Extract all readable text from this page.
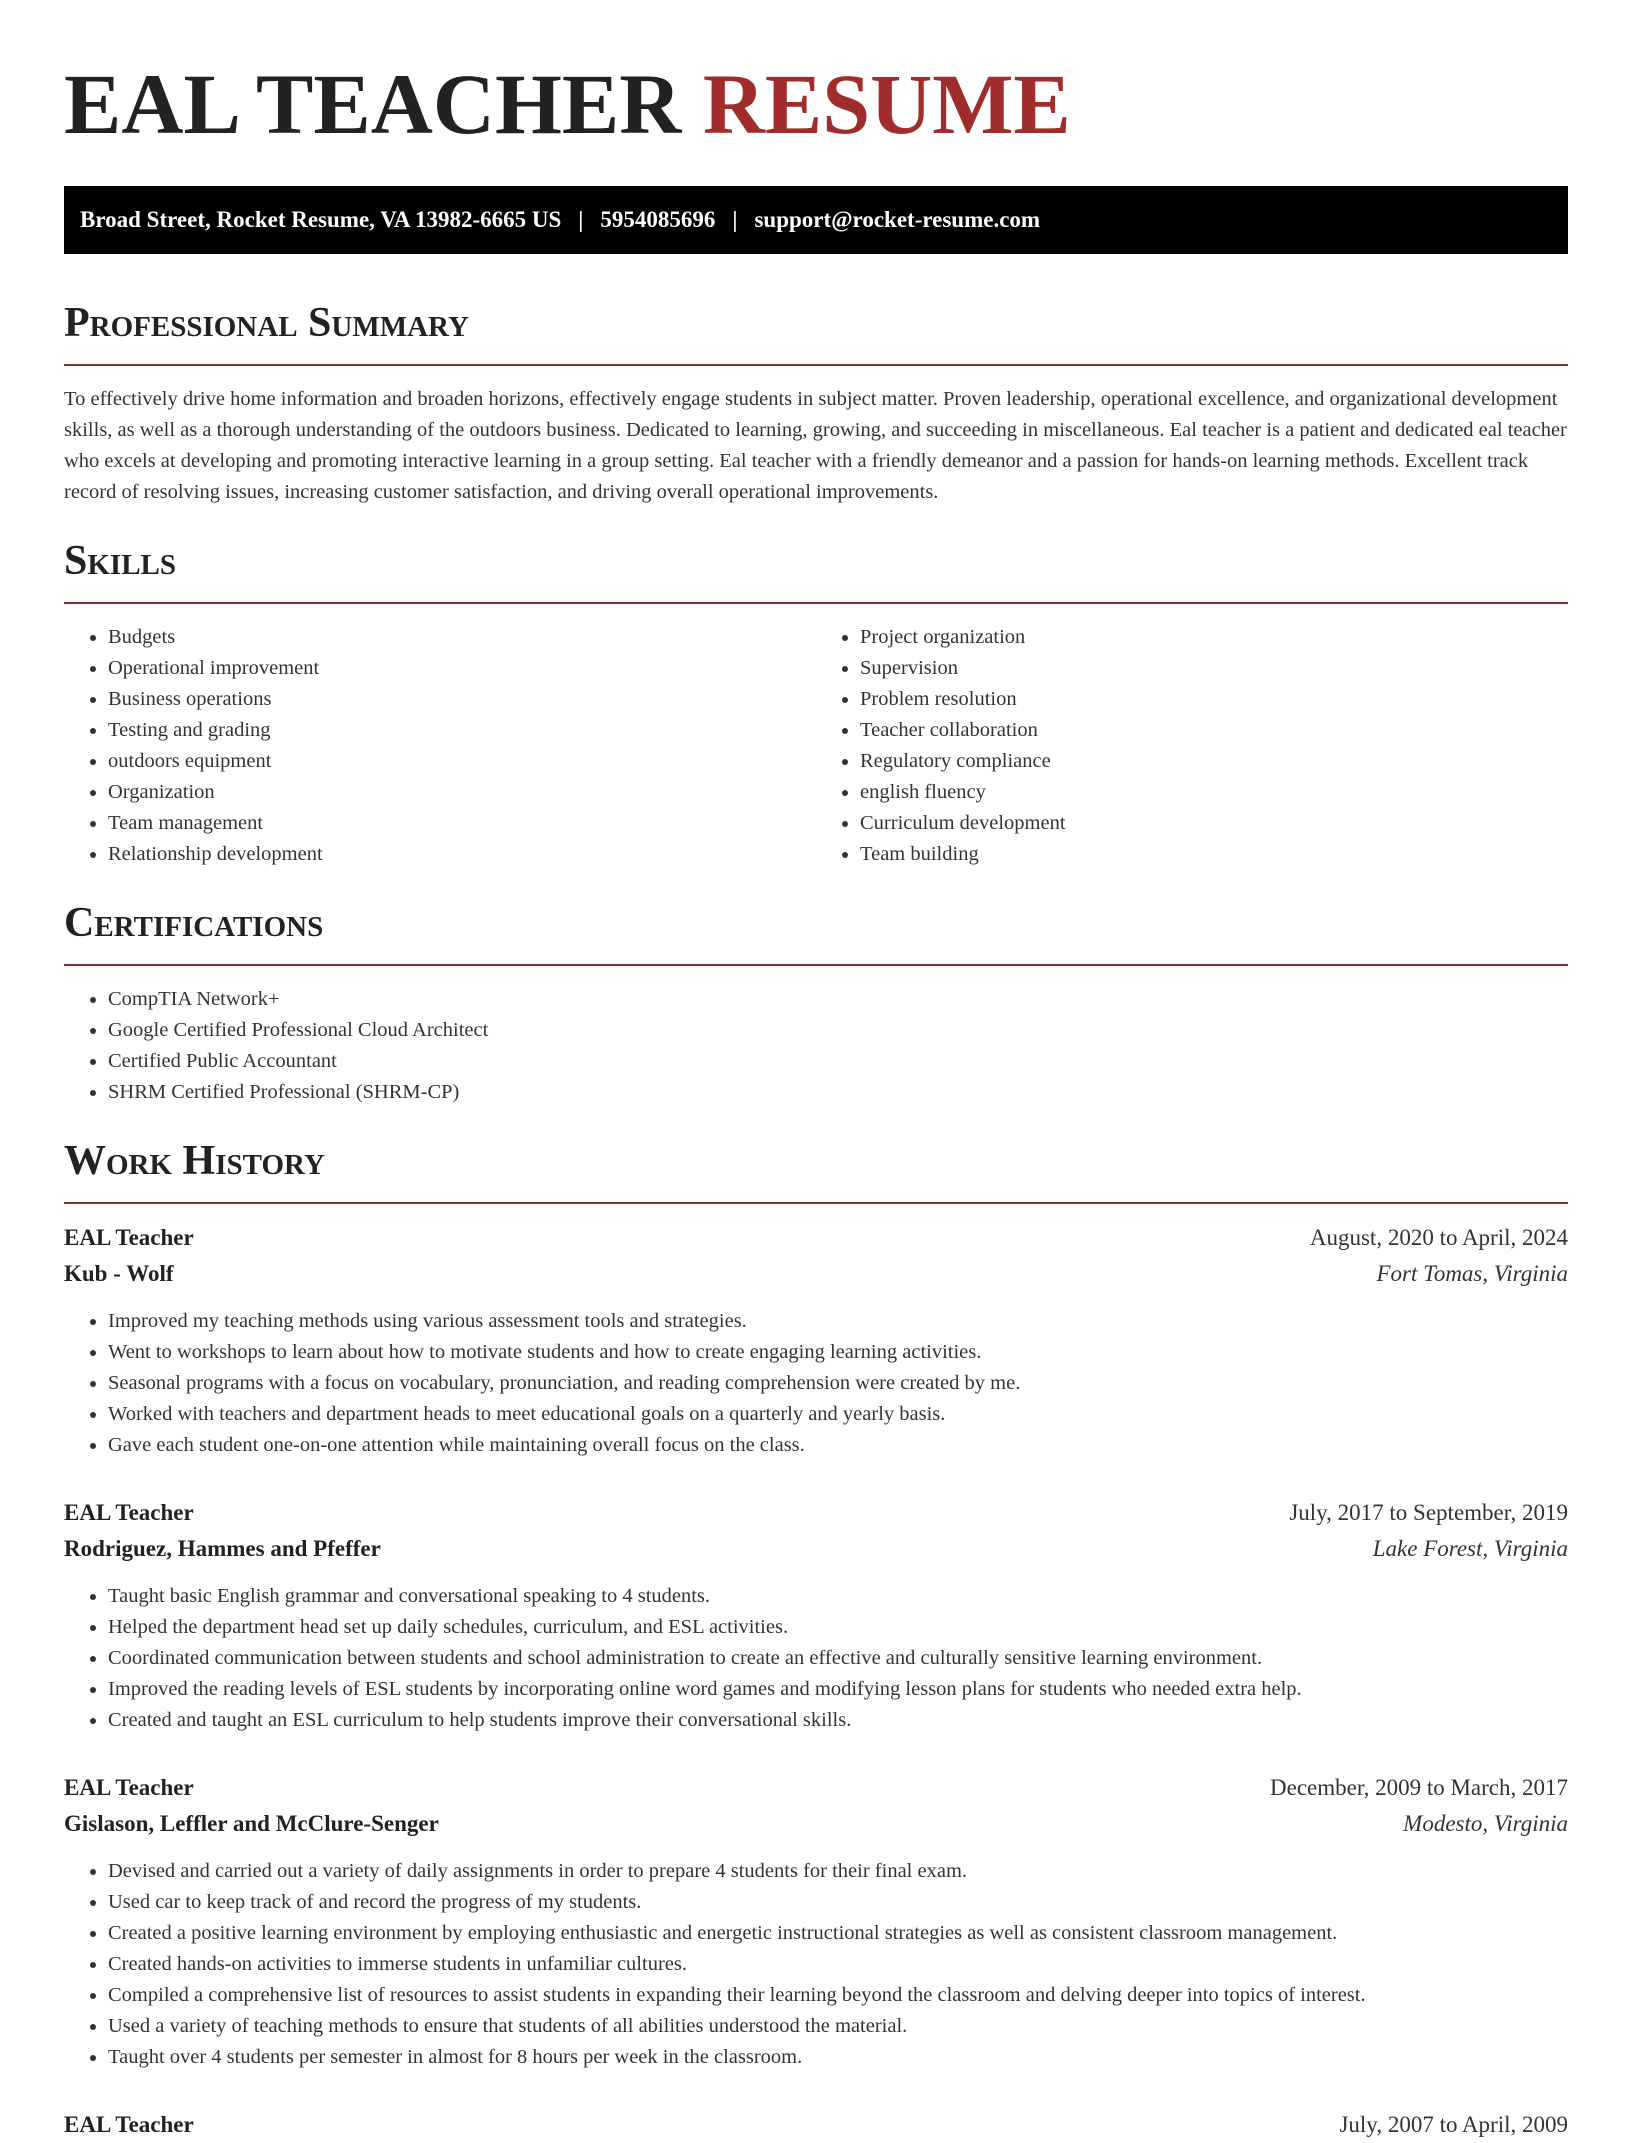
EAL TEACHER RESUME
Broad Street, Rocket Resume, VA 13982-6665 US | 5954085696 | support@rocket-resume.com
Professional Summary

To effectively drive home information and broaden horizons, effectively engage students in subject matter. Proven leadership, operational excellence, and organizational development skills, as well as a thorough understanding of the outdoors business. Dedicated to learning, growing, and succeeding in miscellaneous. Eal teacher is a patient and dedicated eal teacher who excels at developing and promoting interactive learning in a group setting. Eal teacher with a friendly demeanor and a passion for hands-on learning methods. Excellent track record of resolving issues, increasing customer satisfaction, and driving overall operational improvements.

Skills
• Budgets
• Operational improvement
• Business operations
• Testing and grading
• outdoors equipment
• Organization
• Team management
• Relationship development
• Project organization
• Supervision
• Problem resolution
• Teacher collaboration
• Regulatory compliance
• english fluency
• Curriculum development
• Team building
Certifications
• CompTIA Network+
• Google Certified Professional Cloud Architect
• Certified Public Accountant
• SHRM Certified Professional (SHRM-CP)
Work History
EAL Teacher	August, 2020 to April, 2024
Kub - Wolf	Fort Tomas, Virginia
• Improved my teaching methods using various assessment tools and strategies.
• Went to workshops to learn about how to motivate students and how to create engaging learning activities.
• Seasonal programs with a focus on vocabulary, pronunciation, and reading comprehension were created by me.
• Worked with teachers and department heads to meet educational goals on a quarterly and yearly basis.
• Gave each student one-on-one attention while maintaining overall focus on the class.
EAL Teacher	July, 2017 to September, 2019
Rodriguez, Hammes and Pfeffer	Lake Forest, Virginia
• Taught basic English grammar and conversational speaking to 4 students.
• Helped the department head set up daily schedules, curriculum, and ESL activities.
• Coordinated communication between students and school administration to create an effective and culturally sensitive learning environment.
• Improved the reading levels of ESL students by incorporating online word games and modifying lesson plans for students who needed extra help.
• Created and taught an ESL curriculum to help students improve their conversational skills.
EAL Teacher	December, 2009 to March, 2017
Gislason, Leffler and McClure-Senger	Modesto, Virginia
• Devised and carried out a variety of daily assignments in order to prepare 4 students for their final exam.
• Used car to keep track of and record the progress of my students.
• Created a positive learning environment by employing enthusiastic and energetic instructional strategies as well as consistent classroom management.
• Created hands-on activities to immerse students in unfamiliar cultures.
• Compiled a comprehensive list of resources to assist students in expanding their learning beyond the classroom and delving deeper into topics of interest.
• Used a variety of teaching methods to ensure that students of all abilities understood the material.
• Taught over 4 students per semester in almost for 8 hours per week in the classroom.
EAL Teacher	July, 2007 to April, 2009
